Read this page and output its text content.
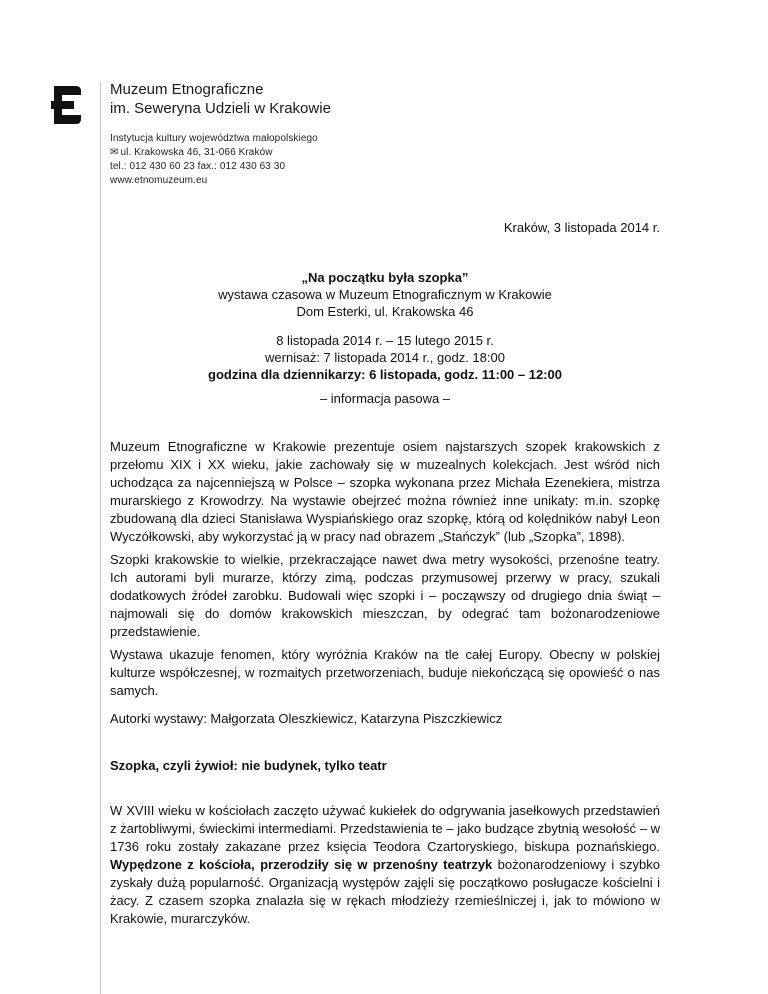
Muzeum Etnograficzne
im. Seweryna Udzieli w Krakowie
Instytucja kultury województwa małopolskiego
✉ ul. Krakowska 46, 31-066 Kraków
tel.: 012 430 60 23 fax.: 012 430 63 30
www.etnomuzeum.eu
Kraków, 3 listopada 2014 r.
„Na początku była szopka”
wystawa czasowa w Muzeum Etnograficznym w Krakowie
Dom Esterki, ul. Krakowska 46
8 listopada 2014 r. – 15 lutego 2015 r.
wernisaż: 7 listopada 2014 r., godz. 18:00
godzina dla dziennikarzy: 6 listopada, godz. 11:00 – 12:00
– informacja pasowa –
Muzeum Etnograficzne w Krakowie prezentuje osiem najstarszych szopek krakowskich z przełomu XIX i XX wieku, jakie zachowały się w muzealnych kolekcjach. Jest wśród nich uchodząca za najcenniejszą w Polsce – szopka wykonana przez Michała Ezenekiera, mistrza murarskiego z Krowodrzy. Na wystawie obejrzeć można również inne unikaty: m.in. szopkę zbudowaną dla dzieci Stanisława Wyspiańskiego oraz szopkę, którą od kolędników nabył Leon Wyczółkowski, aby wykorzystać ją w pracy nad obrazem „Stańczyk” (lub „Szopka”, 1898).
Szopki krakowskie to wielkie, przekraczające nawet dwa metry wysokości, przenośne teatry. Ich autorami byli murarze, którzy zimą, podczas przymusowej przerwy w pracy, szukali dodatkowych źródeł zarobku. Budowali więc szopki i – począwszy od drugiego dnia świąt – najmowali się do domów krakowskich mieszczan, by odegrać tam bożonarodzeniowe przedstawienie.
Wystawa ukazuje fenomen, który wyróżnia Kraków na tle całej Europy. Obecny w polskiej kulturze współczesnej, w rozmaitych przetworzeniach, buduje niekończącą się opowieść o nas samych.
Autorki wystawy: Małgorzata Oleszkiewicz, Katarzyna Piszczkiewicz
Szopka, czyli żywioł: nie budynek, tylko teatr
W XVIII wieku w kościołach zaczęto używać kukiełek do odgrywania jasełkowych przedstawień z żartobliwymi, świeckimi intermediami. Przedstawienia te – jako budzące zbytnią wesołość – w 1736 roku zostały zakazane przez księcia Teodora Czartoryskiego, biskupa poznańskiego. Wypędzone z kościoła, przerodziły się w przenośny teatrzyk bożonarodzeniowy i szybko zyskały dużą popularność. Organizacją występów zajęli się początkowo posługacze kościelni i żacy. Z czasem szopka znalazła się w rękach młodzieży rzemieślniczej i, jak to mówiono w Krakowie, murarczyków.
